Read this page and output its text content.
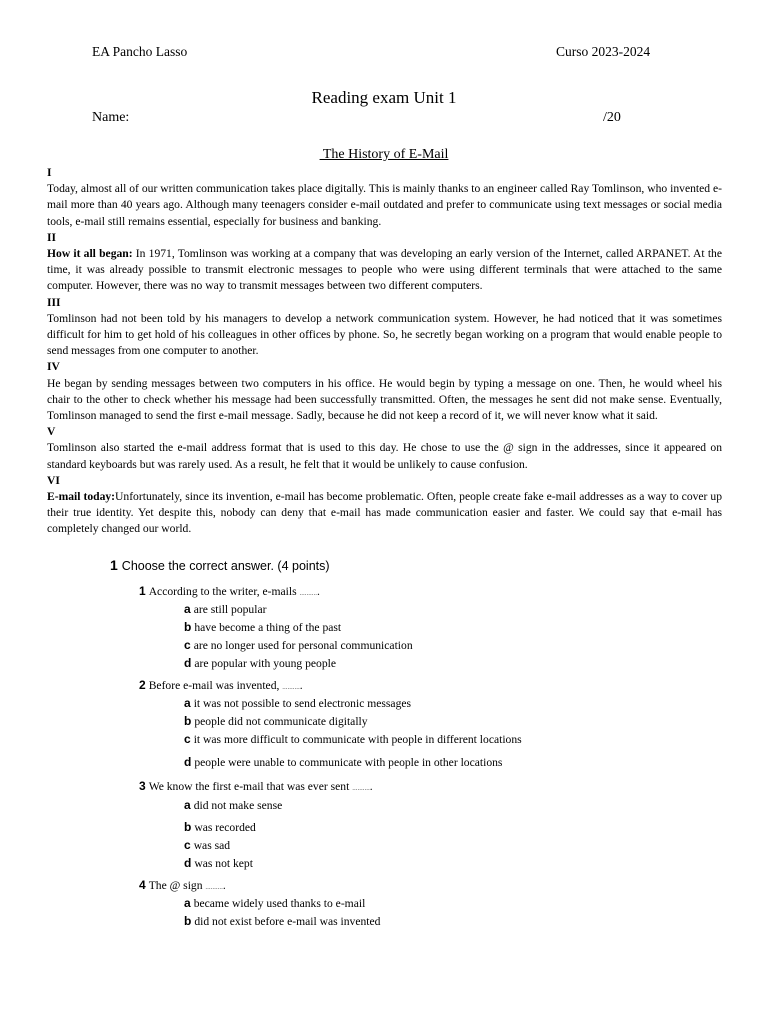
EA Pancho Lasso	Curso 2023-2024
Reading exam Unit 1
Name:	/20
The History of E-Mail
I

Today, almost all of our written communication takes place digitally. This is mainly thanks to an engineer called Ray Tomlinson, who invented e-mail more than 40 years ago. Although many teenagers consider e-mail outdated and prefer to communicate using text messages or social media tools, e-mail still remains essential, especially for business and banking.

II

How it all began: In 1971, Tomlinson was working at a company that was developing an early version of the Internet, called ARPANET. At the time, it was already possible to transmit electronic messages to people who were using different terminals that were attached to the same computer. However, there was no way to transmit messages between two different computers.

III

Tomlinson had not been told by his managers to develop a network communication system. However, he had noticed that it was sometimes difficult for him to get hold of his colleagues in other offices by phone. So, he secretly began working on a program that would enable people to send messages from one computer to another.

IV

He began by sending messages between two computers in his office. He would begin by typing a message on one. Then, he would wheel his chair to the other to check whether his message had been successfully transmitted. Often, the messages he sent did not make sense. Eventually, Tomlinson managed to send the first e-mail message. Sadly, because he did not keep a record of it, we will never know what it said.

V

Tomlinson also started the e-mail address format that is used to this day. He chose to use the @ sign in the addresses, since it appeared on standard keyboards but was rarely used. As a result, he felt that it would be unlikely to cause confusion.

VI

E-mail today:Unfortunately, since its invention, e-mail has become problematic. Often, people create fake e-mail addresses as a way to cover up their true identity. Yet despite this, nobody can deny that e-mail has made communication easier and faster. We could say that e-mail has completely changed our world.

1 Choose the correct answer. (4 points)
1 According to the writer, e-mails ...........
a are still popular
b have become a thing of the past
c are no longer used for personal communication
d are popular with young people
2 Before e-mail was invented, ...........
a it was not possible to send electronic messages
b people did not communicate digitally
c it was more difficult to communicate with people in different locations
d people were unable to communicate with people in other locations
3 We know the first e-mail that was ever sent ...........
a did not make sense
b was recorded
c was sad
d was not kept
4 The @ sign ...........
a became widely used thanks to e-mail
b did not exist before e-mail was invented
